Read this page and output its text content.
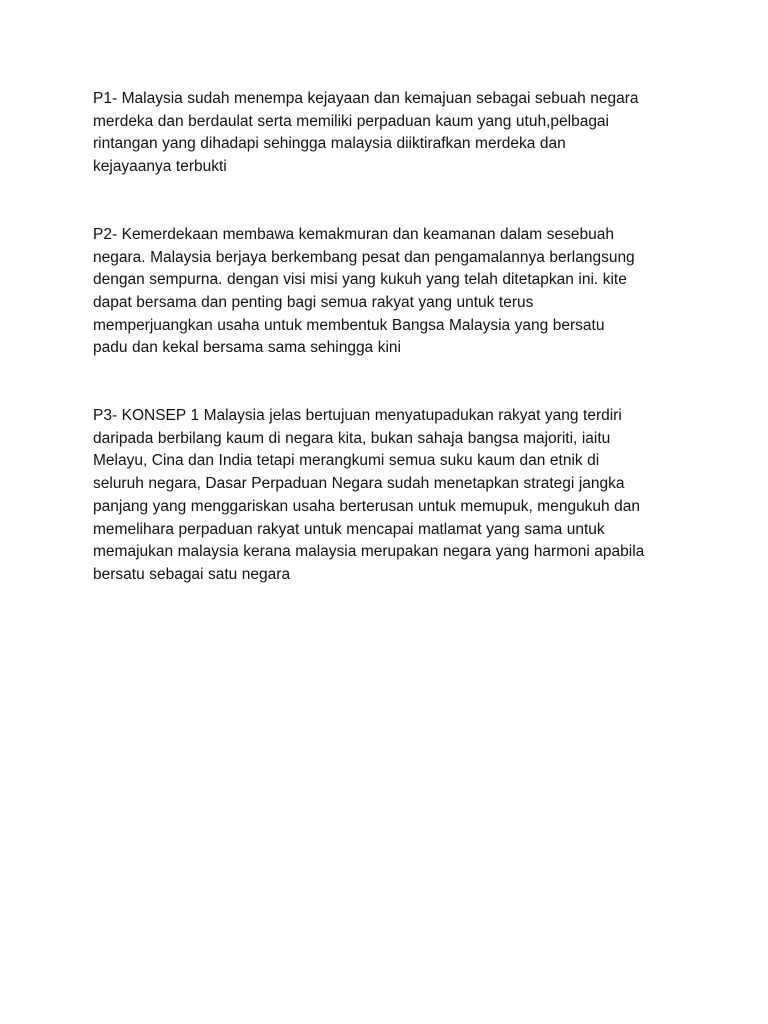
P1- Malaysia sudah menempa kejayaan dan kemajuan sebagai sebuah negara
merdeka dan berdaulat serta memiliki perpaduan kaum yang utuh,pelbagai
rintangan yang dihadapi sehingga malaysia diiktirafkan merdeka dan
kejayaanya terbukti

P2- Kemerdekaan membawa kemakmuran dan keamanan dalam sesebuah
negara. Malaysia berjaya berkembang pesat dan pengamalannya berlangsung
dengan sempurna. dengan visi misi yang kukuh yang telah ditetapkan ini. kite
dapat bersama dan penting bagi semua rakyat yang untuk terus
memperjuangkan usaha untuk membentuk Bangsa Malaysia yang bersatu
padu dan kekal bersama sama sehingga kini

P3- KONSEP 1 Malaysia jelas bertujuan menyatupadukan rakyat yang terdiri
daripada berbilang kaum di negara kita, bukan sahaja bangsa majoriti, iaitu
Melayu, Cina dan India tetapi merangkumi semua suku kaum dan etnik di
seluruh negara, Dasar Perpaduan Negara sudah menetapkan strategi jangka
panjang yang menggariskan usaha berterusan untuk memupuk, mengukuh dan
memelihara perpaduan rakyat untuk mencapai matlamat yang sama untuk
memajukan malaysia kerana malaysia merupakan negara yang harmoni apabila
bersatu sebagai satu negara
